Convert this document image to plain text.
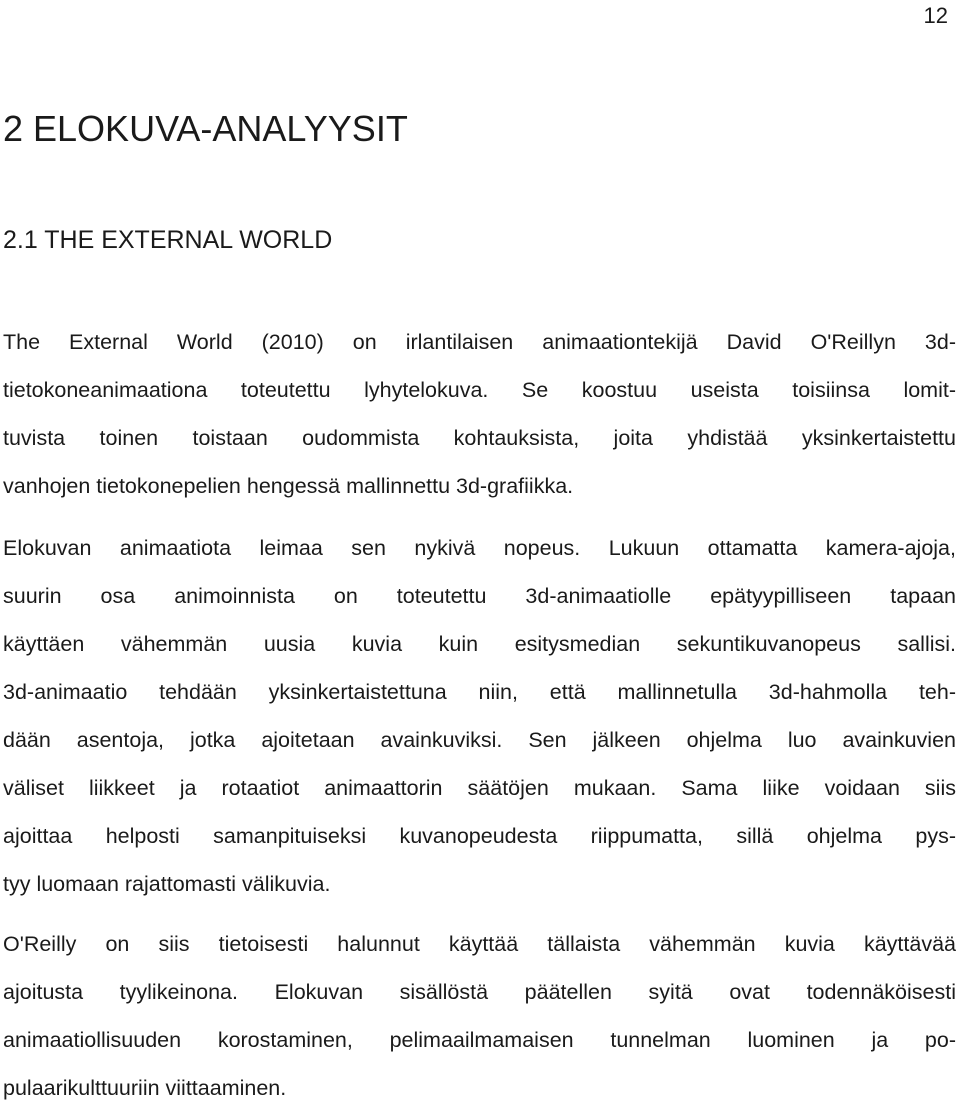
12
2 ELOKUVA-ANALYYSIT
2.1 THE EXTERNAL WORLD
The External World (2010) on irlantilaisen animaationtekijä David O'Reillyn 3d-
tietokoneanimaationa toteutettu lyhytelokuva. Se koostuu useista toisiinsa lomit-
tuvista toinen toistaan oudommista kohtauksista, joita yhdistää yksinkertaistettu
vanhojen tietokonepelien hengessä mallinnettu 3d-grafiikka.
Elokuvan animaatiota leimaa sen nykivä nopeus. Lukuun ottamatta kamera-ajoja,
suurin osa animoinnista on toteutettu 3d-animaatiolle epätyypilliseen tapaan
käyttäen vähemmän uusia kuvia kuin esitysmedian sekuntikuvanopeus sallisi.
3d-animaatio tehdään yksinkertaistettuna niin, että mallinnetulla 3d-hahmolla teh-
dään asentoja, jotka ajoitetaan avainkuviksi. Sen jälkeen ohjelma luo avainkuvien
väliset liikkeet ja rotaatiot animaattorin säätöjen mukaan. Sama liike voidaan siis
ajoittaa helposti samanpituiseksi kuvanopeudesta riippumatta, sillä ohjelma pys-
tyy luomaan rajattomasti välikuvia.
O'Reilly on siis tietoisesti halunnut käyttää tällaista vähemmän kuvia käyttävää
ajoitusta tyylikeinona. Elokuvan sisällöstä päätellen syitä ovat todennäköisesti
animaatiollisuuden korostaminen, pelimaailmamaisen tunnelman luominen ja po-
pulaarikulttuuriin viittaaminen.
